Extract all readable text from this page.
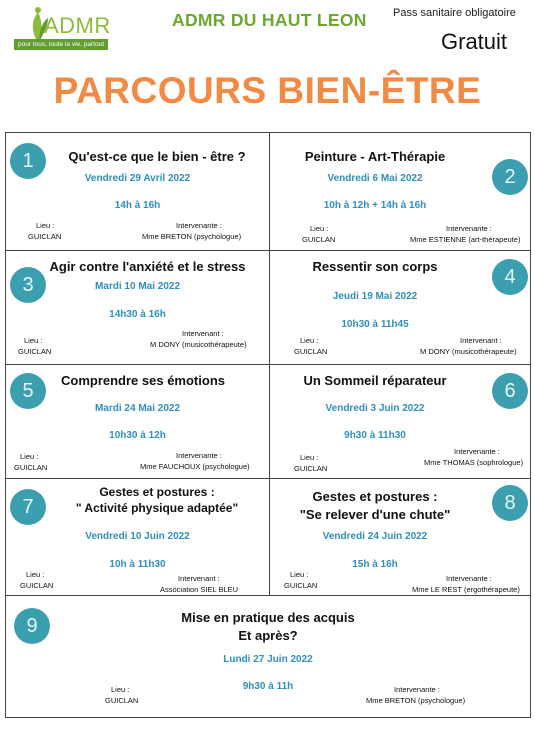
ADMR
pour tous, toute la vie, partout
ADMR DU HAUT LEON Pass sanitaire obligatoire
Gratuit
PARCOURS BIEN-ÊTRE
1	Qu'est-ce que le bien - être ?
Vendredi 29 Avril 2022
14h à 16h
Lieu :
GUICLAN
Intervenante :
Mme BRETON (psychologue)
2
Peinture - Art-Thérapie
Vendredi 6 Mai 2022
10h à 12h + 14h à 16h
Lieu :
GUICLAN
Intervenante :
Mme ESTIENNE (art-thérapeute)
3
Agir contre l'anxiété et le stress
Mardi 10 Mai 2022
14h30 à 16h
Lieu :
GUICLAN
Intervenant :
M DONY (musicothérapeute)
4
Ressentir son corps
Jeudi 19 Mai 2022
10h30 à 11h45
Lieu :
GUICLAN
Intervenant :
M DONY (musicothérapeute)
5	Comprendre ses émotions
Mardi 24 Mai 2022
10h30 à 12h
Lieu :
GUICLAN
Intervenante :
Mme FAUCHOUX (psychologue)
6
Un Sommeil réparateur
Vendredi 3 Juin 2022
9h30 à 11h30
Lieu :
GUICLAN
Intervenante :
Mme THOMAS (sophrologue)
7
Gestes et postures :
" Activité physique adaptée"
Vendredi 10 Juin 2022
10h à 11h30
Lieu :
GUICLAN
Intervenant :
Association SIEL BLEU
8
Gestes et postures :
"Se relever d'une chute"
Vendredi 24 Juin 2022
15h à 16h
Lieu :
GUICLAN
Intervenante :
Mme LE REST (ergothérapeute)
9	Mise en pratique des acquis
Et après?
Lundi 27 Juin 2022
9h30 à 11h
Lieu :
GUICLAN
Intervenante :
Mme BRETON (psychologue)
